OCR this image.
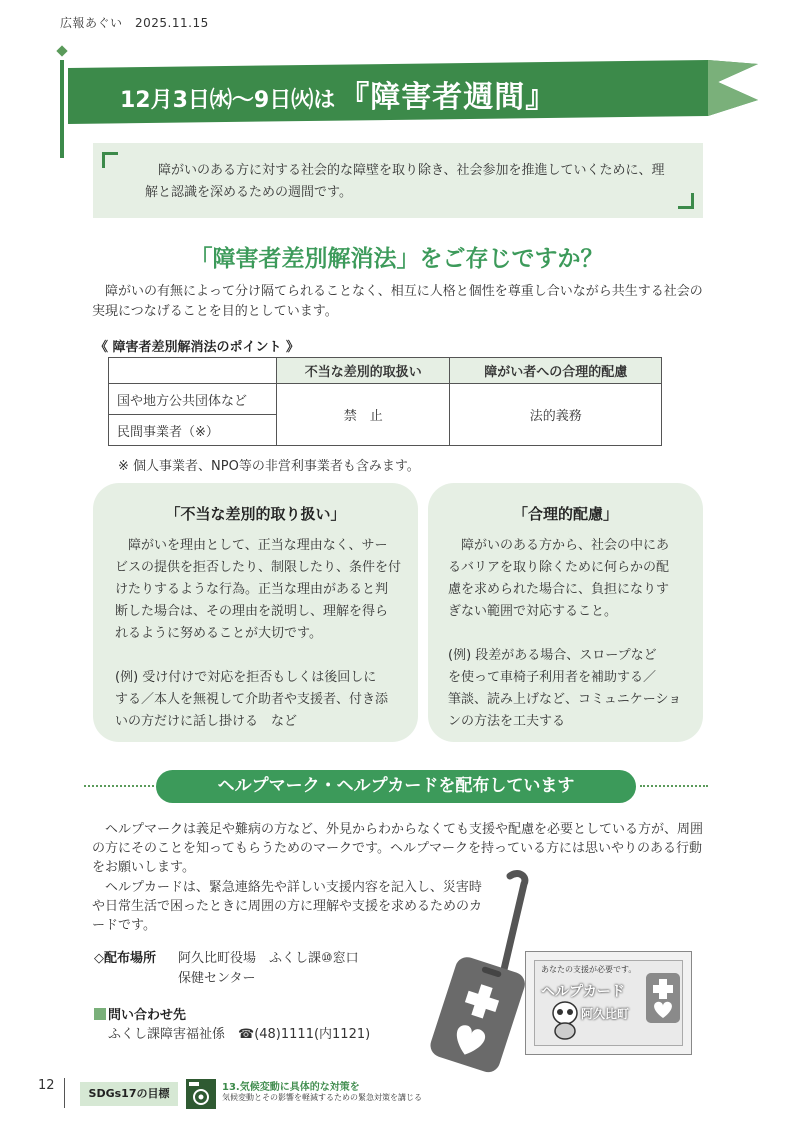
広報あぐい　2025.11.15
12月3日㈬～9日㈫は 『障害者週間』
障がいのある方に対する社会的な障壁を取り除き、社会参加を推進していくために、理解と認識を深めるための週間です。
「障害者差別解消法」をご存じですか？
障がいの有無によって分け隔てられることなく、相互に人格と個性を尊重し合いながら共生する社会の実現につなげることを目的としています。
《 障害者差別解消法のポイント 》
	不当な差別的取扱い	障がい者への合理的配慮
国や地方公共団体など	禁　止	法的義務
民間事業者（※）		
※ 個人事業者、NPO等の非営利事業者も含みます。
「不当な差別的取り扱い」
　障がいを理由として、正当な理由なく、サー
ビスの提供を拒否したり、制限したり、条件を付
けたりするような行為。正当な理由があると判
断した場合は、その理由を説明し、理解を得ら
れるように努めることが大切です。
(例) 受け付けで対応を拒否もしくは後回しに
する／本人を無視して介助者や支援者、付き添
いの方だけに話し掛ける　など
「合理的配慮」
　障がいのある方から、社会の中にあ
るバリアを取り除くために何らかの配
慮を求められた場合に、負担になりす
ぎない範囲で対応すること。
(例) 段差がある場合、スロープなど
を使って車椅子利用者を補助する／
筆談、読み上げなど、コミュニケーショ
ンの方法を工夫する
ヘルプマーク・ヘルプカードを配布しています

ヘルプマークは義足や難病の方など、外見からわからなくても支援や配慮を必要としている方が、周囲の方にそのことを知ってもらうためのマークです。ヘルプマークを持っている方には思いやりのある行動をお願いします。

ヘルプカードは、緊急連絡先や詳しい支援内容を記入し、災害時や日常生活で困ったときに周囲の方に理解や支援を求めるためのカードです。

◇配布場所	阿久比町役場　ふくし課⑩窓口
保健センター
問い合わせ先
ふくし課障害福祉係　☎(48)1111(内1121)
あなたの支援が必要です。
ヘルプカード
阿久比町
12
SDGs17の目標	13.気候変動に具体的な対策を
気候変動とその影響を軽減するための緊急対策を講じる
